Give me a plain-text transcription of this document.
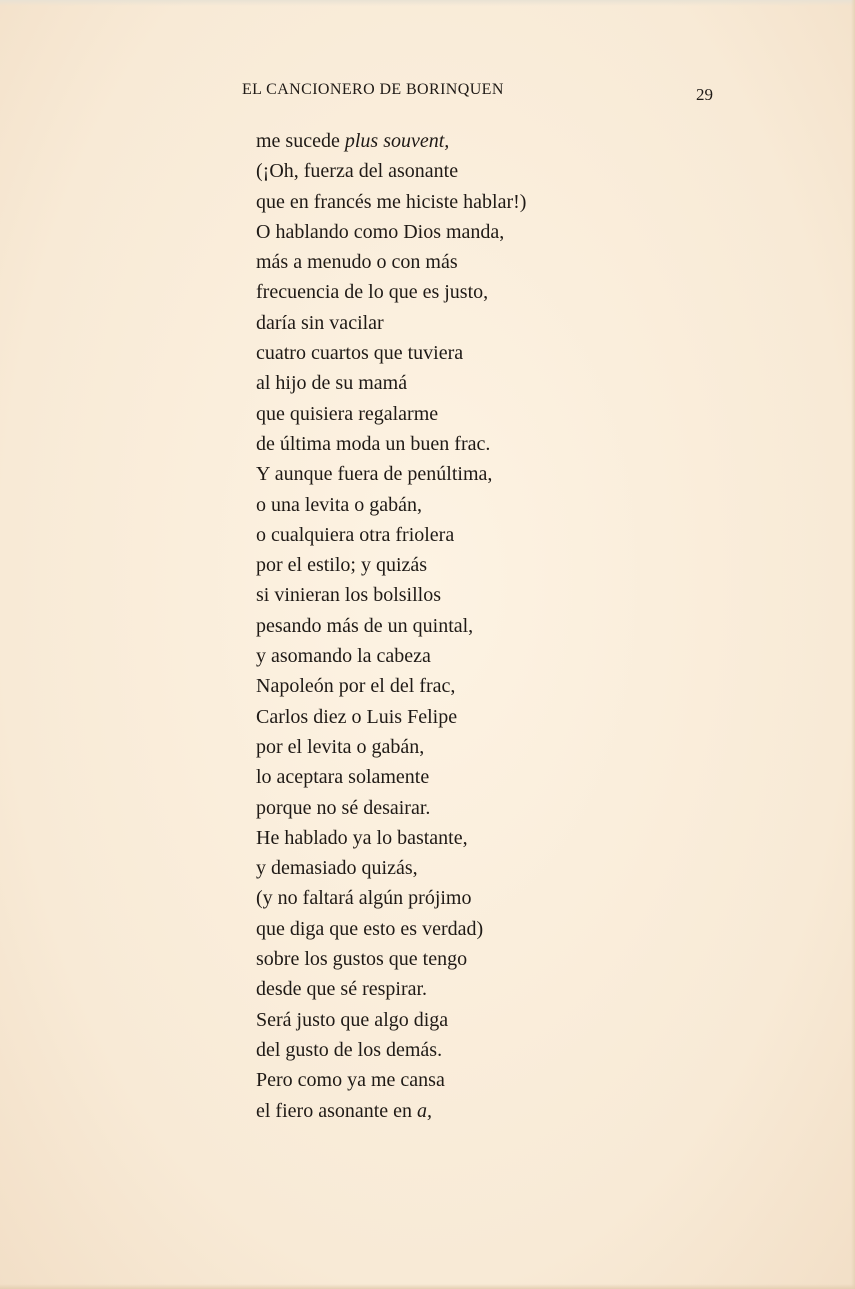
EL CANCIONERO DE BORINQUEN	29
me sucede plus souvent,
(¡Oh, fuerza del asonante
que en francés me hiciste hablar!)
O hablando como Dios manda,
más a menudo o con más
frecuencia de lo que es justo,
daría sin vacilar
cuatro cuartos que tuviera
al hijo de su mamá
que quisiera regalarme
de última moda un buen frac.
Y aunque fuera de penúltima,
o una levita o gabán,
o cualquiera otra friolera
por el estilo; y quizás
si vinieran los bolsillos
pesando más de un quintal,
y asomando la cabeza
Napoleón por el del frac,
Carlos diez o Luis Felipe
por el levita o gabán,
lo aceptara solamente
porque no sé desairar.
He hablado ya lo bastante,
y demasiado quizás,
(y no faltará algún prójimo
que diga que esto es verdad)
sobre los gustos que tengo
desde que sé respirar.
Será justo que algo diga
del gusto de los demás.
Pero como ya me cansa
el fiero asonante en a,
